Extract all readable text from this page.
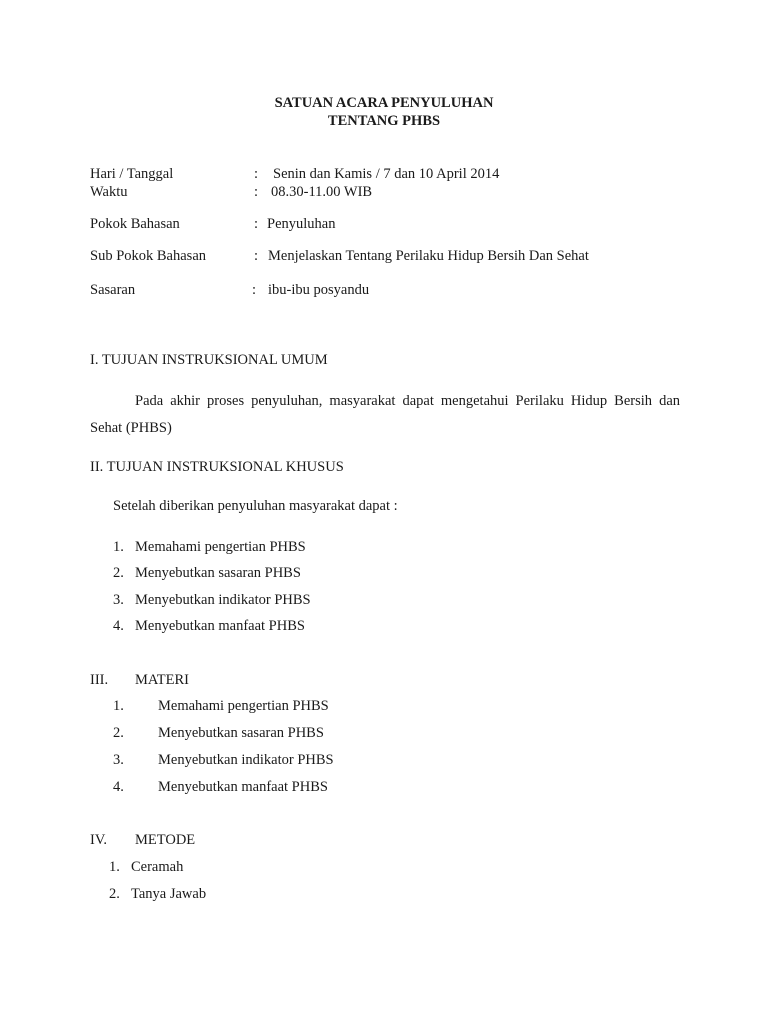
SATUAN ACARA PENYULUHAN
TENTANG PHBS
Hari / Tanggal	: Senin dan Kamis / 7 dan 10 April 2014
Waktu	: 08.30-11.00 WIB
Pokok Bahasan	: Penyuluhan
Sub Pokok Bahasan	: Menjelaskan Tentang Perilaku Hidup Bersih Dan Sehat
Sasaran	: ibu-ibu posyandu
I. TUJUAN INSTRUKSIONAL UMUM
Pada akhir proses penyuluhan, masyarakat dapat mengetahui Perilaku Hidup Bersih dan Sehat (PHBS)
II. TUJUAN INSTRUKSIONAL KHUSUS
Setelah diberikan penyuluhan masyarakat dapat :
1. Memahami pengertian PHBS
2. Menyebutkan sasaran PHBS
3. Menyebutkan indikator PHBS
4. Menyebutkan manfaat PHBS
III. MATERI
1. Memahami pengertian PHBS
2. Menyebutkan sasaran PHBS
3. Menyebutkan indikator PHBS
4. Menyebutkan manfaat PHBS
IV. METODE
1. Ceramah
2. Tanya Jawab
